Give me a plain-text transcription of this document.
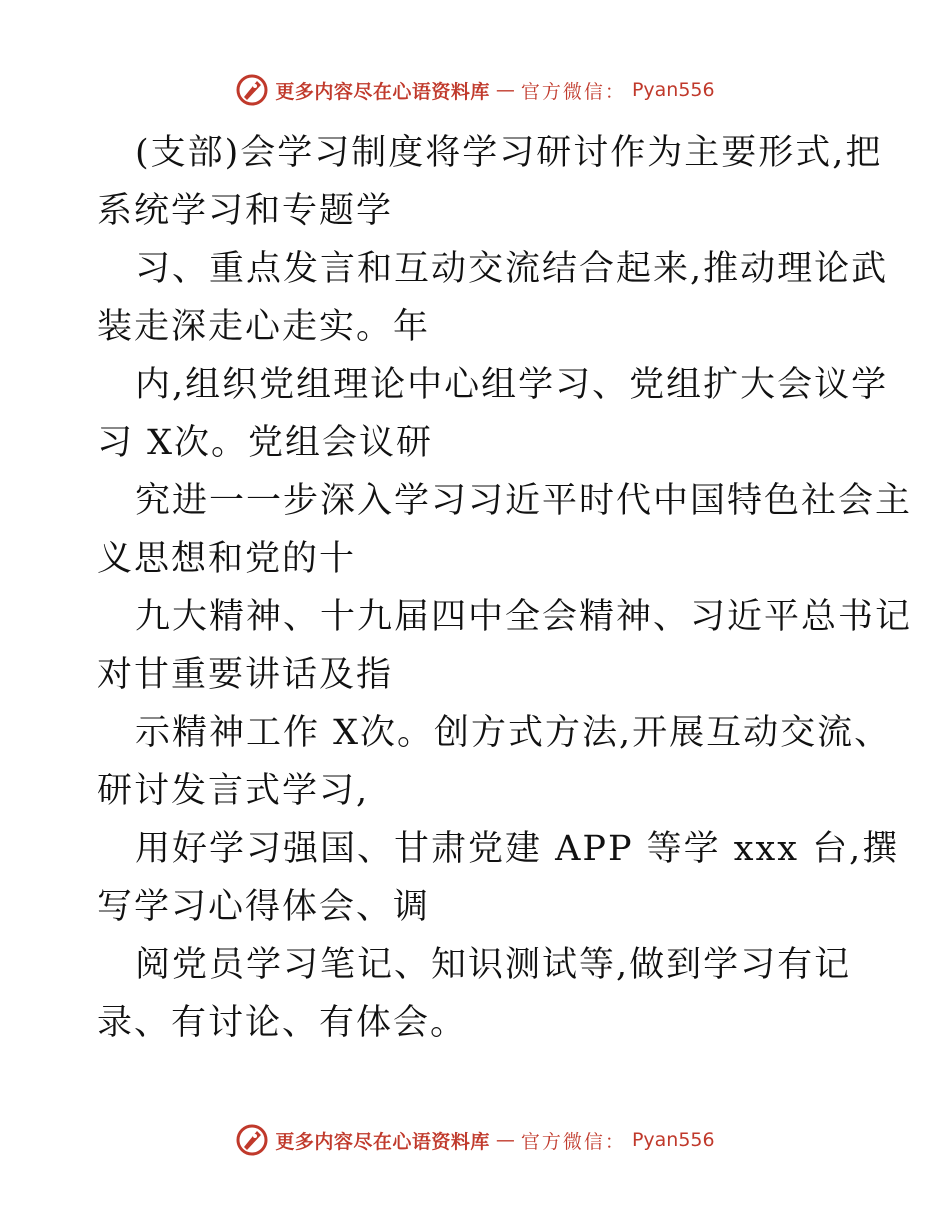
更多内容尽在心语资料库 — 官方微信： Pyan556

(支部)会学习制度将学习研讨作为主要形式,把

系统学习和专题学

习、重点发言和互动交流结合起来,推动理论武

装走深走心走实。年

内,组织党组理论中心组学习、党组扩大会议学

习 X次。党组会议研

究进一一步深入学习习近平时代中国特色社会主

义思想和党的十

九大精神、十九届四中全会精神、习近平总书记

对甘重要讲话及指

示精神工作 X次。创方式方法,开展互动交流、

研讨发言式学习,

用好学习强国、甘肃党建 APP 等学 xxx 台,撰

写学习心得体会、调

阅党员学习笔记、知识测试等,做到学习有记

录、有讨论、有体会。

更多内容尽在心语资料库 — 官方微信： Pyan556
